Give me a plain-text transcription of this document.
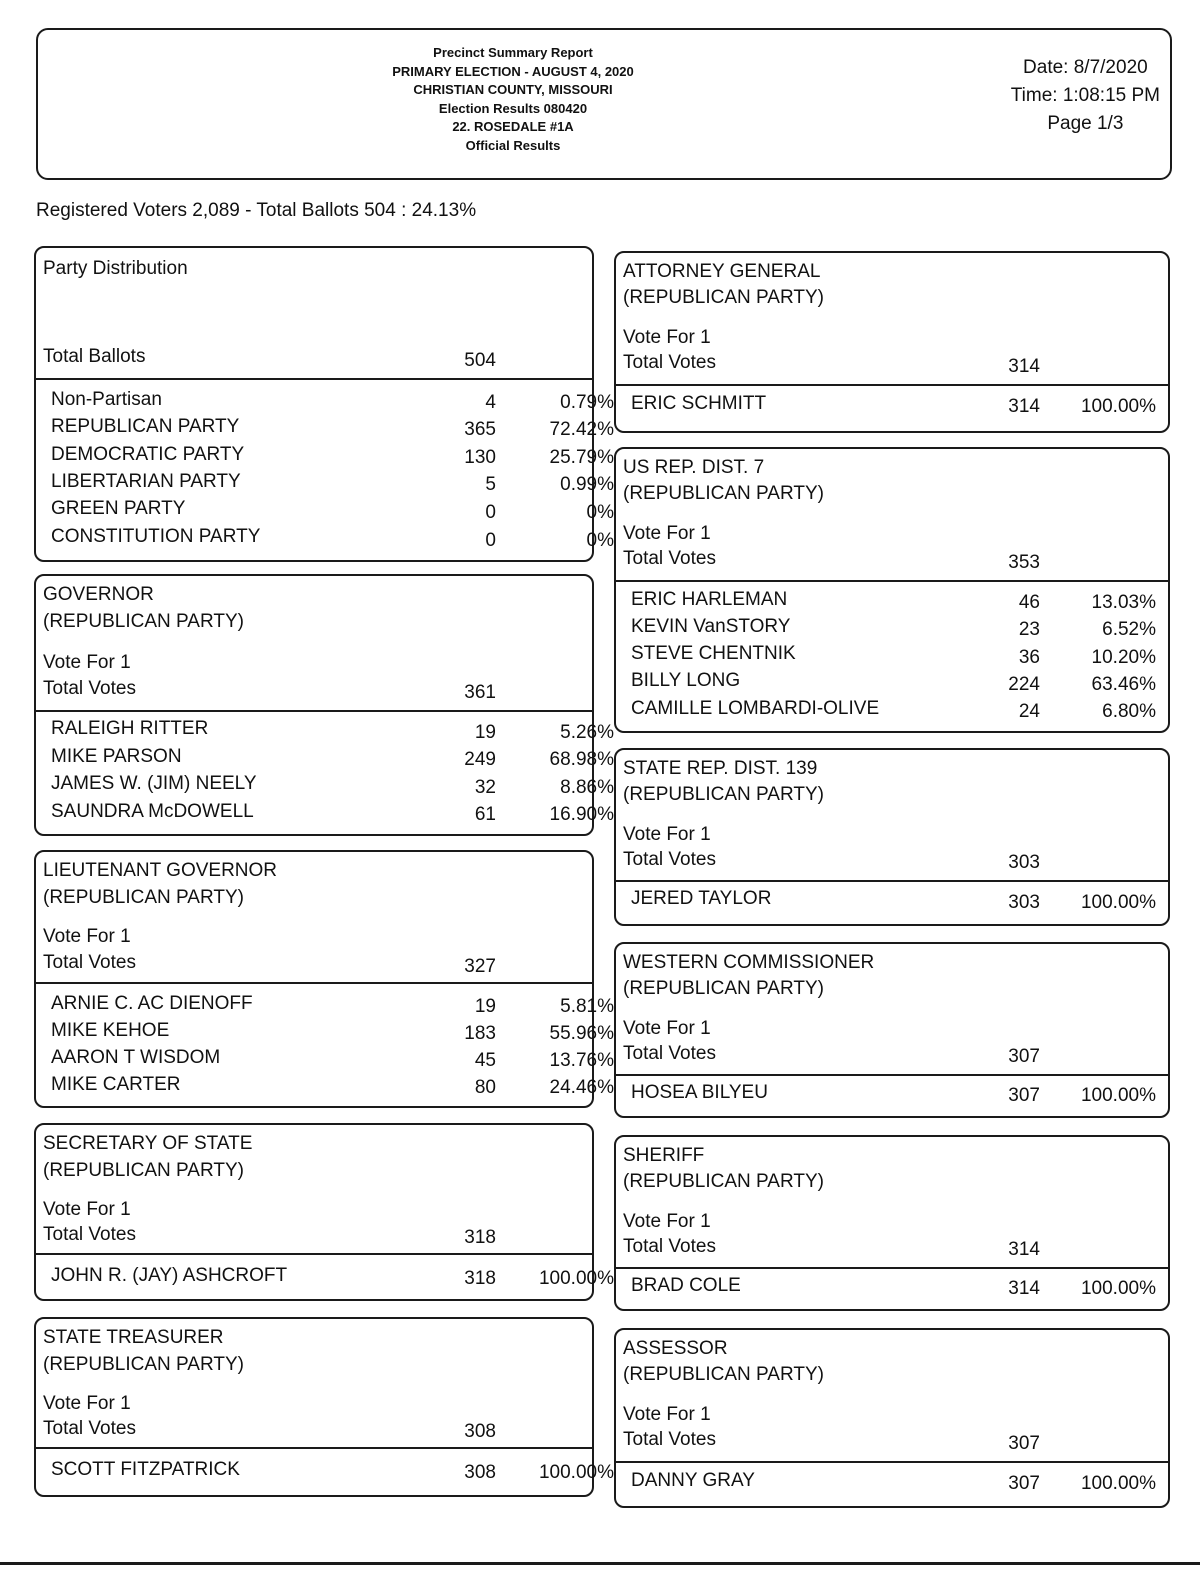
Precinct Summary Report
PRIMARY ELECTION - AUGUST 4, 2020
CHRISTIAN COUNTY, MISSOURI
Election Results 080420
22. ROSEDALE #1A
Official Results
Date: 8/7/2020
Time: 1:08:15 PM
Page 1/3
Registered Voters 2,089 - Total Ballots 504 : 24.13%
Party Distribution
Total Ballots	504
Non-Partisan	4	0.79%
REPUBLICAN PARTY	365	72.42%
DEMOCRATIC PARTY	130	25.79%
LIBERTARIAN PARTY	5	0.99%
GREEN PARTY	0	0%
CONSTITUTION PARTY	0	0%
GOVERNOR
(REPUBLICAN PARTY)
Vote For 1
Total Votes	361
RALEIGH RITTER	19	5.26%
MIKE PARSON	249	68.98%
JAMES W. (JIM) NEELY	32	8.86%
SAUNDRA McDOWELL	61	16.90%
LIEUTENANT GOVERNOR
(REPUBLICAN PARTY)
Vote For 1
Total Votes	327
ARNIE C. AC DIENOFF	19	5.81%
MIKE KEHOE	183	55.96%
AARON T WISDOM	45	13.76%
MIKE CARTER	80	24.46%
SECRETARY OF STATE
(REPUBLICAN PARTY)
Vote For 1
Total Votes	318
JOHN R. (JAY) ASHCROFT	318	100.00%
STATE TREASURER
(REPUBLICAN PARTY)
Vote For 1
Total Votes	308
SCOTT FITZPATRICK	308	100.00%
ATTORNEY GENERAL
(REPUBLICAN PARTY)
Vote For 1
Total Votes	314
ERIC SCHMITT	314	100.00%
US REP. DIST. 7
(REPUBLICAN PARTY)
Vote For 1
Total Votes	353
ERIC HARLEMAN	46	13.03%
KEVIN VanSTORY	23	6.52%
STEVE CHENTNIK	36	10.20%
BILLY LONG	224	63.46%
CAMILLE LOMBARDI-OLIVE	24	6.80%
STATE REP. DIST. 139
(REPUBLICAN PARTY)
Vote For 1
Total Votes	303
JERED TAYLOR	303	100.00%
WESTERN COMMISSIONER
(REPUBLICAN PARTY)
Vote For 1
Total Votes	307
HOSEA BILYEU	307	100.00%
SHERIFF
(REPUBLICAN PARTY)
Vote For 1
Total Votes	314
BRAD COLE	314	100.00%
ASSESSOR
(REPUBLICAN PARTY)
Vote For 1
Total Votes	307
DANNY GRAY	307	100.00%
